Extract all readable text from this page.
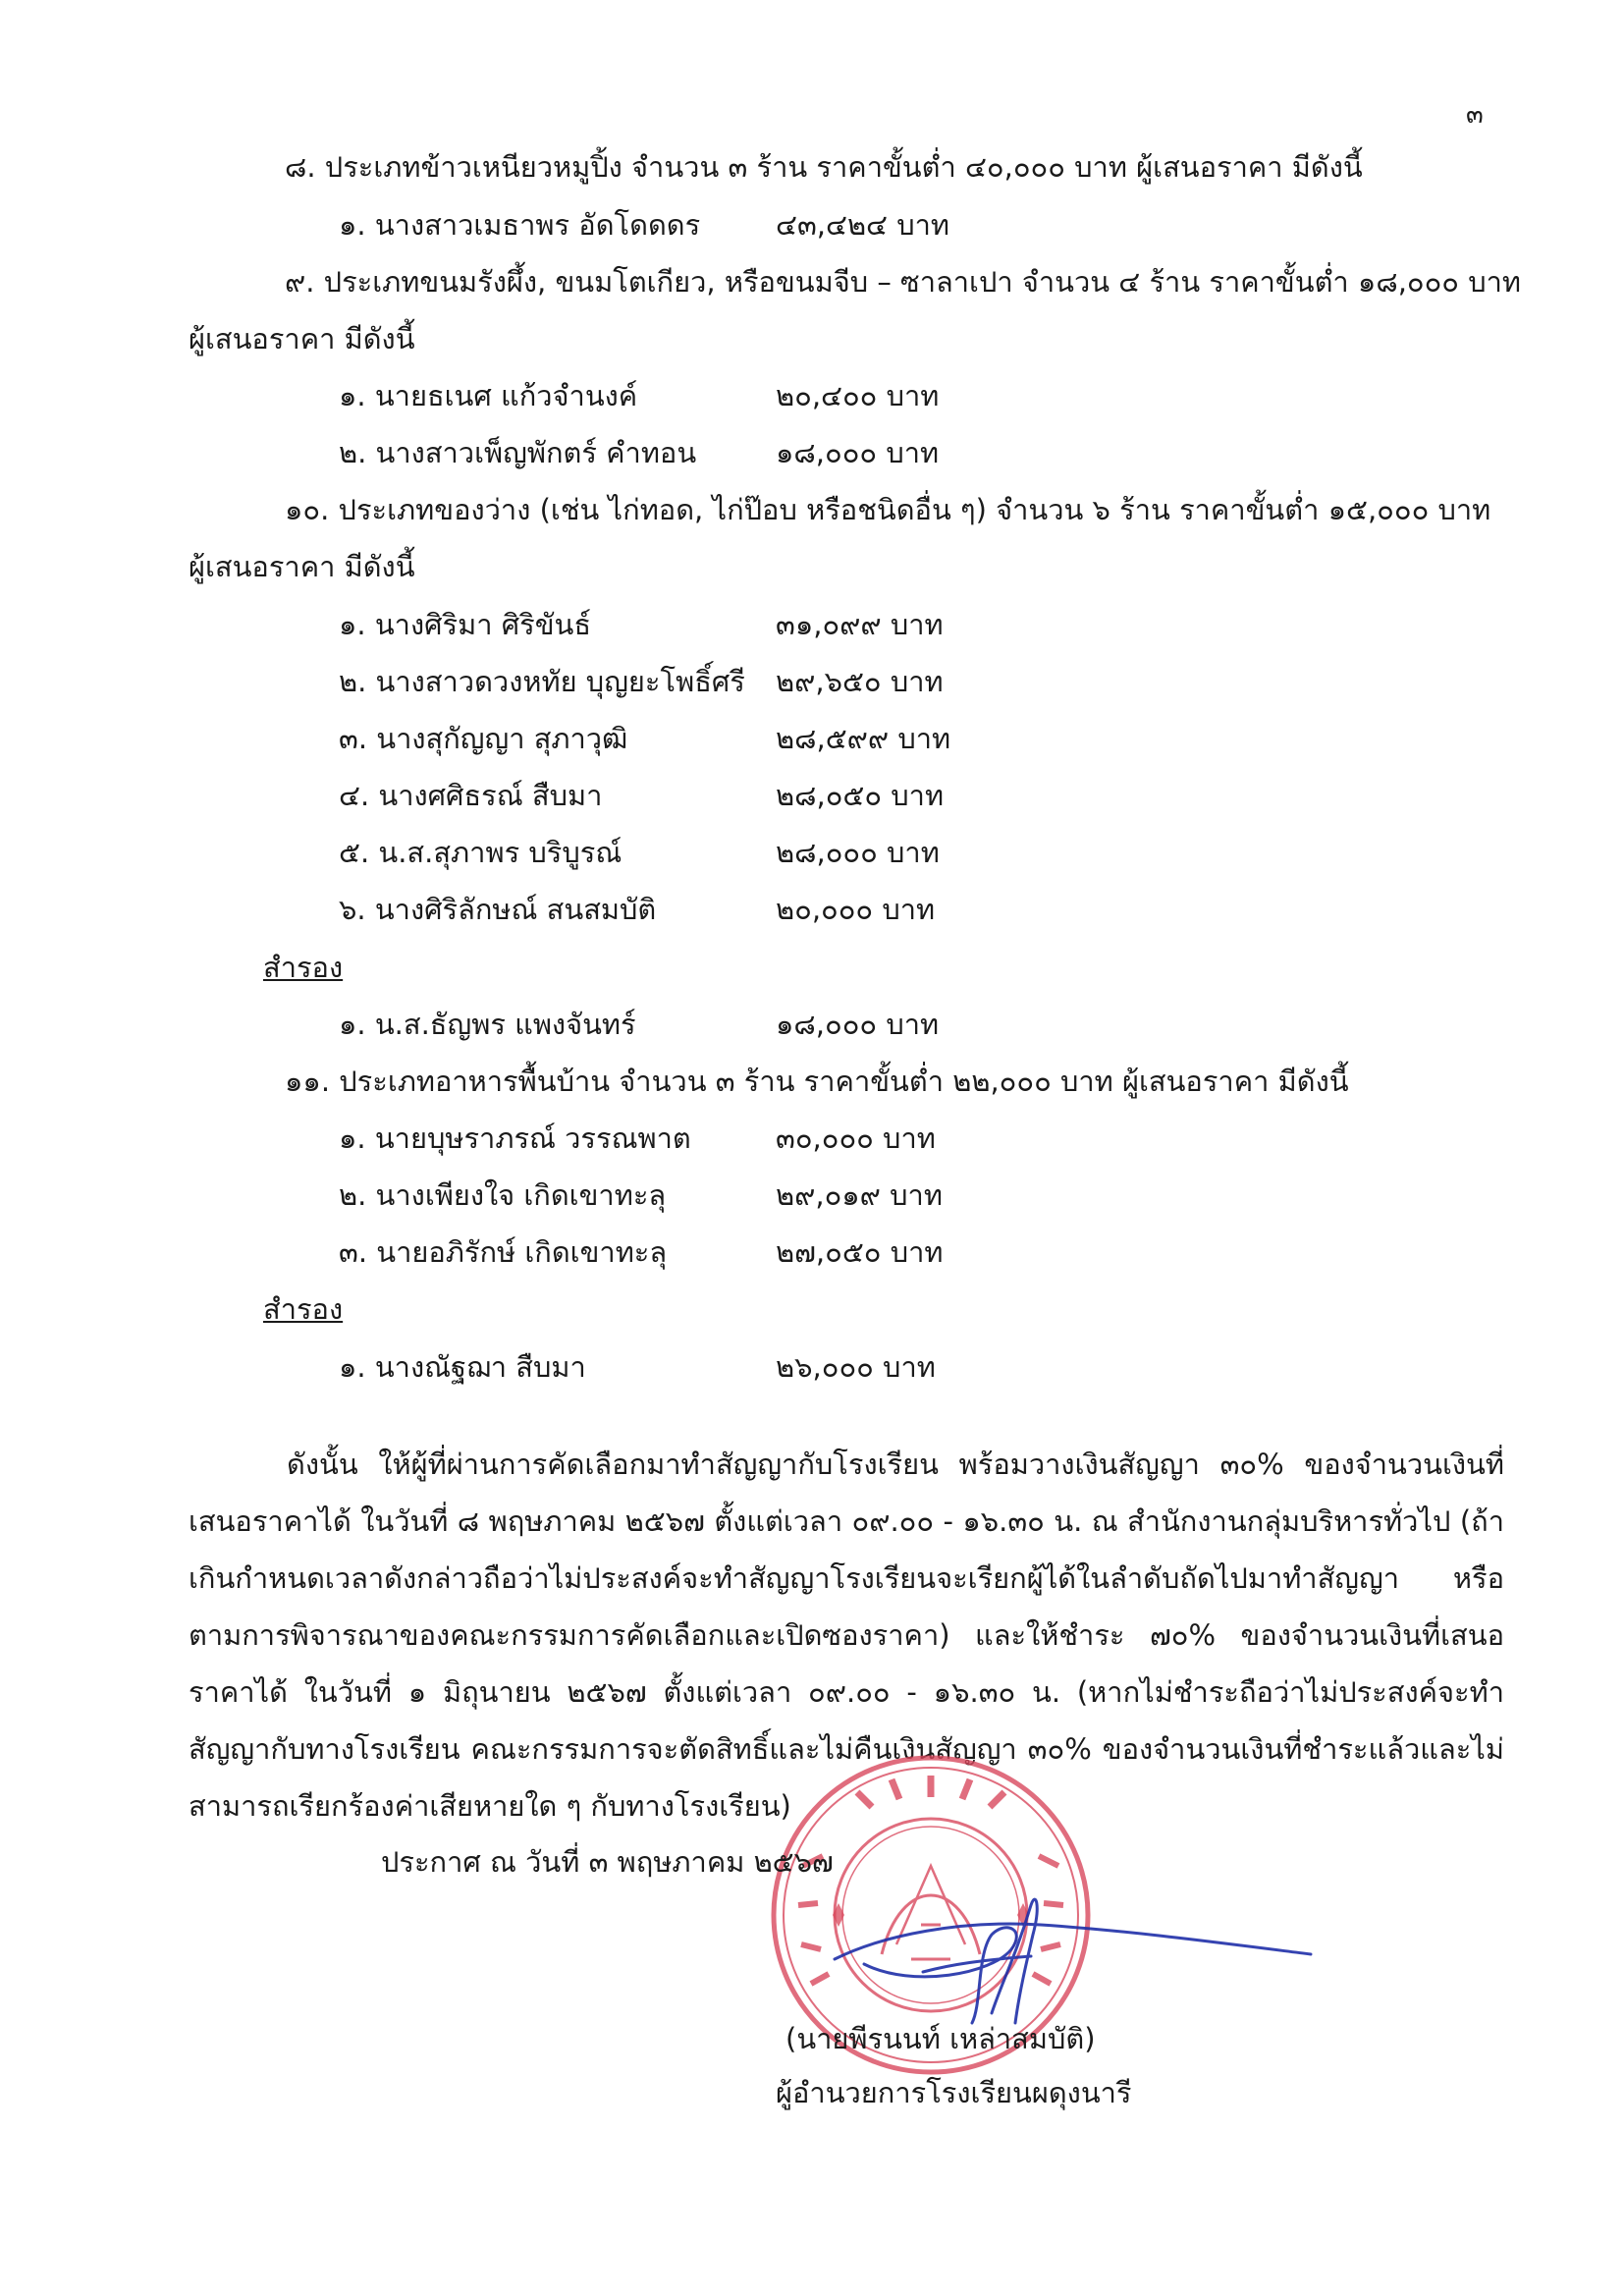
๓
๘. ประเภทข้าวเหนียวหมูปิ้ง จำนวน ๓ ร้าน ราคาขั้นต่ำ ๔๐,๐๐๐ บาท ผู้เสนอราคา มีดังนี้
๑. นางสาวเมธาพร อัดโดดดร	๔๓,๔๒๔ บาท
๙. ประเภทขนมรังผึ้ง, ขนมโตเกียว, หรือขนมจีบ – ซาลาเปา จำนวน ๔ ร้าน ราคาขั้นต่ำ ๑๘,๐๐๐ บาท
ผู้เสนอราคา มีดังนี้
๑. นายธเนศ แก้วจำนงค์	๒๐,๔๐๐ บาท
๒. นางสาวเพ็ญพักตร์ คำทอน	๑๘,๐๐๐ บาท
๑๐. ประเภทของว่าง (เช่น ไก่ทอด, ไก่ป๊อบ หรือชนิดอื่น ๆ) จำนวน ๖ ร้าน ราคาขั้นต่ำ ๑๕,๐๐๐ บาท
ผู้เสนอราคา มีดังนี้
๑. นางศิริมา ศิริขันธ์	๓๑,๐๙๙ บาท
๒. นางสาวดวงหทัย บุญยะโพธิ์ศรี ๒๙,๖๕๐ บาท
๓. นางสุกัญญา สุภาวุฒิ	๒๘,๕๙๙ บาท
๔. นางศศิธรณ์ สืบมา	๒๘,๐๕๐ บาท
๕. น.ส.สุภาพร บริบูรณ์	๒๘,๐๐๐ บาท
๖. นางศิริลักษณ์ สนสมบัติ	๒๐,๐๐๐ บาท
สำรอง
๑. น.ส.ธัญพร แพงจันทร์	๑๘,๐๐๐ บาท
๑๑. ประเภทอาหารพื้นบ้าน จำนวน ๓ ร้าน ราคาขั้นต่ำ ๒๒,๐๐๐ บาท ผู้เสนอราคา มีดังนี้
๑. นายบุษราภรณ์ วรรณพาต	๓๐,๐๐๐ บาท
๒. นางเพียงใจ เกิดเขาทะลุ	๒๙,๐๑๙ บาท
๓. นายอภิรักษ์ เกิดเขาทะลุ	๒๗,๐๕๐ บาท
สำรอง
๑. นางณัฐฌา สืบมา	๒๖,๐๐๐ บาท
ดังนั้น ให้ผู้ที่ผ่านการคัดเลือกมาทำสัญญากับโรงเรียน พร้อมวางเงินสัญญา ๓๐% ของจำนวนเงินที่เสนอราคาได้ ในวันที่ ๘ พฤษภาคม ๒๕๖๗ ตั้งแต่เวลา ๐๙.๐๐ - ๑๖.๓๐ น. ณ สำนักงานกลุ่มบริหารทั่วไป (ถ้าเกินกำหนดเวลาดังกล่าวถือว่าไม่ประสงค์จะทำสัญญาโรงเรียนจะเรียกผู้ได้ในลำดับถัดไปมาทำสัญญา หรือตามการพิจารณาของคณะกรรมการคัดเลือกและเปิดซองราคา) และให้ชำระ ๗๐% ของจำนวนเงินที่เสนอราคาได้ ในวันที่ ๑ มิถุนายน ๒๕๖๗ ตั้งแต่เวลา ๐๙.๐๐ - ๑๖.๓๐ น. (หากไม่ชำระถือว่าไม่ประสงค์จะทำสัญญากับทางโรงเรียน คณะกรรมการจะตัดสิทธิ์และไม่คืนเงินสัญญา ๓๐% ของจำนวนเงินที่ชำระแล้วและไม่สามารถเรียกร้องค่าเสียหายใด ๆ กับทางโรงเรียน)
ประกาศ ณ วันที่ ๓ พฤษภาคม ๒๕๖๗
(นายพีรนนท์ เหล่าสมบัติ)
ผู้อำนวยการโรงเรียนผดุงนารี
